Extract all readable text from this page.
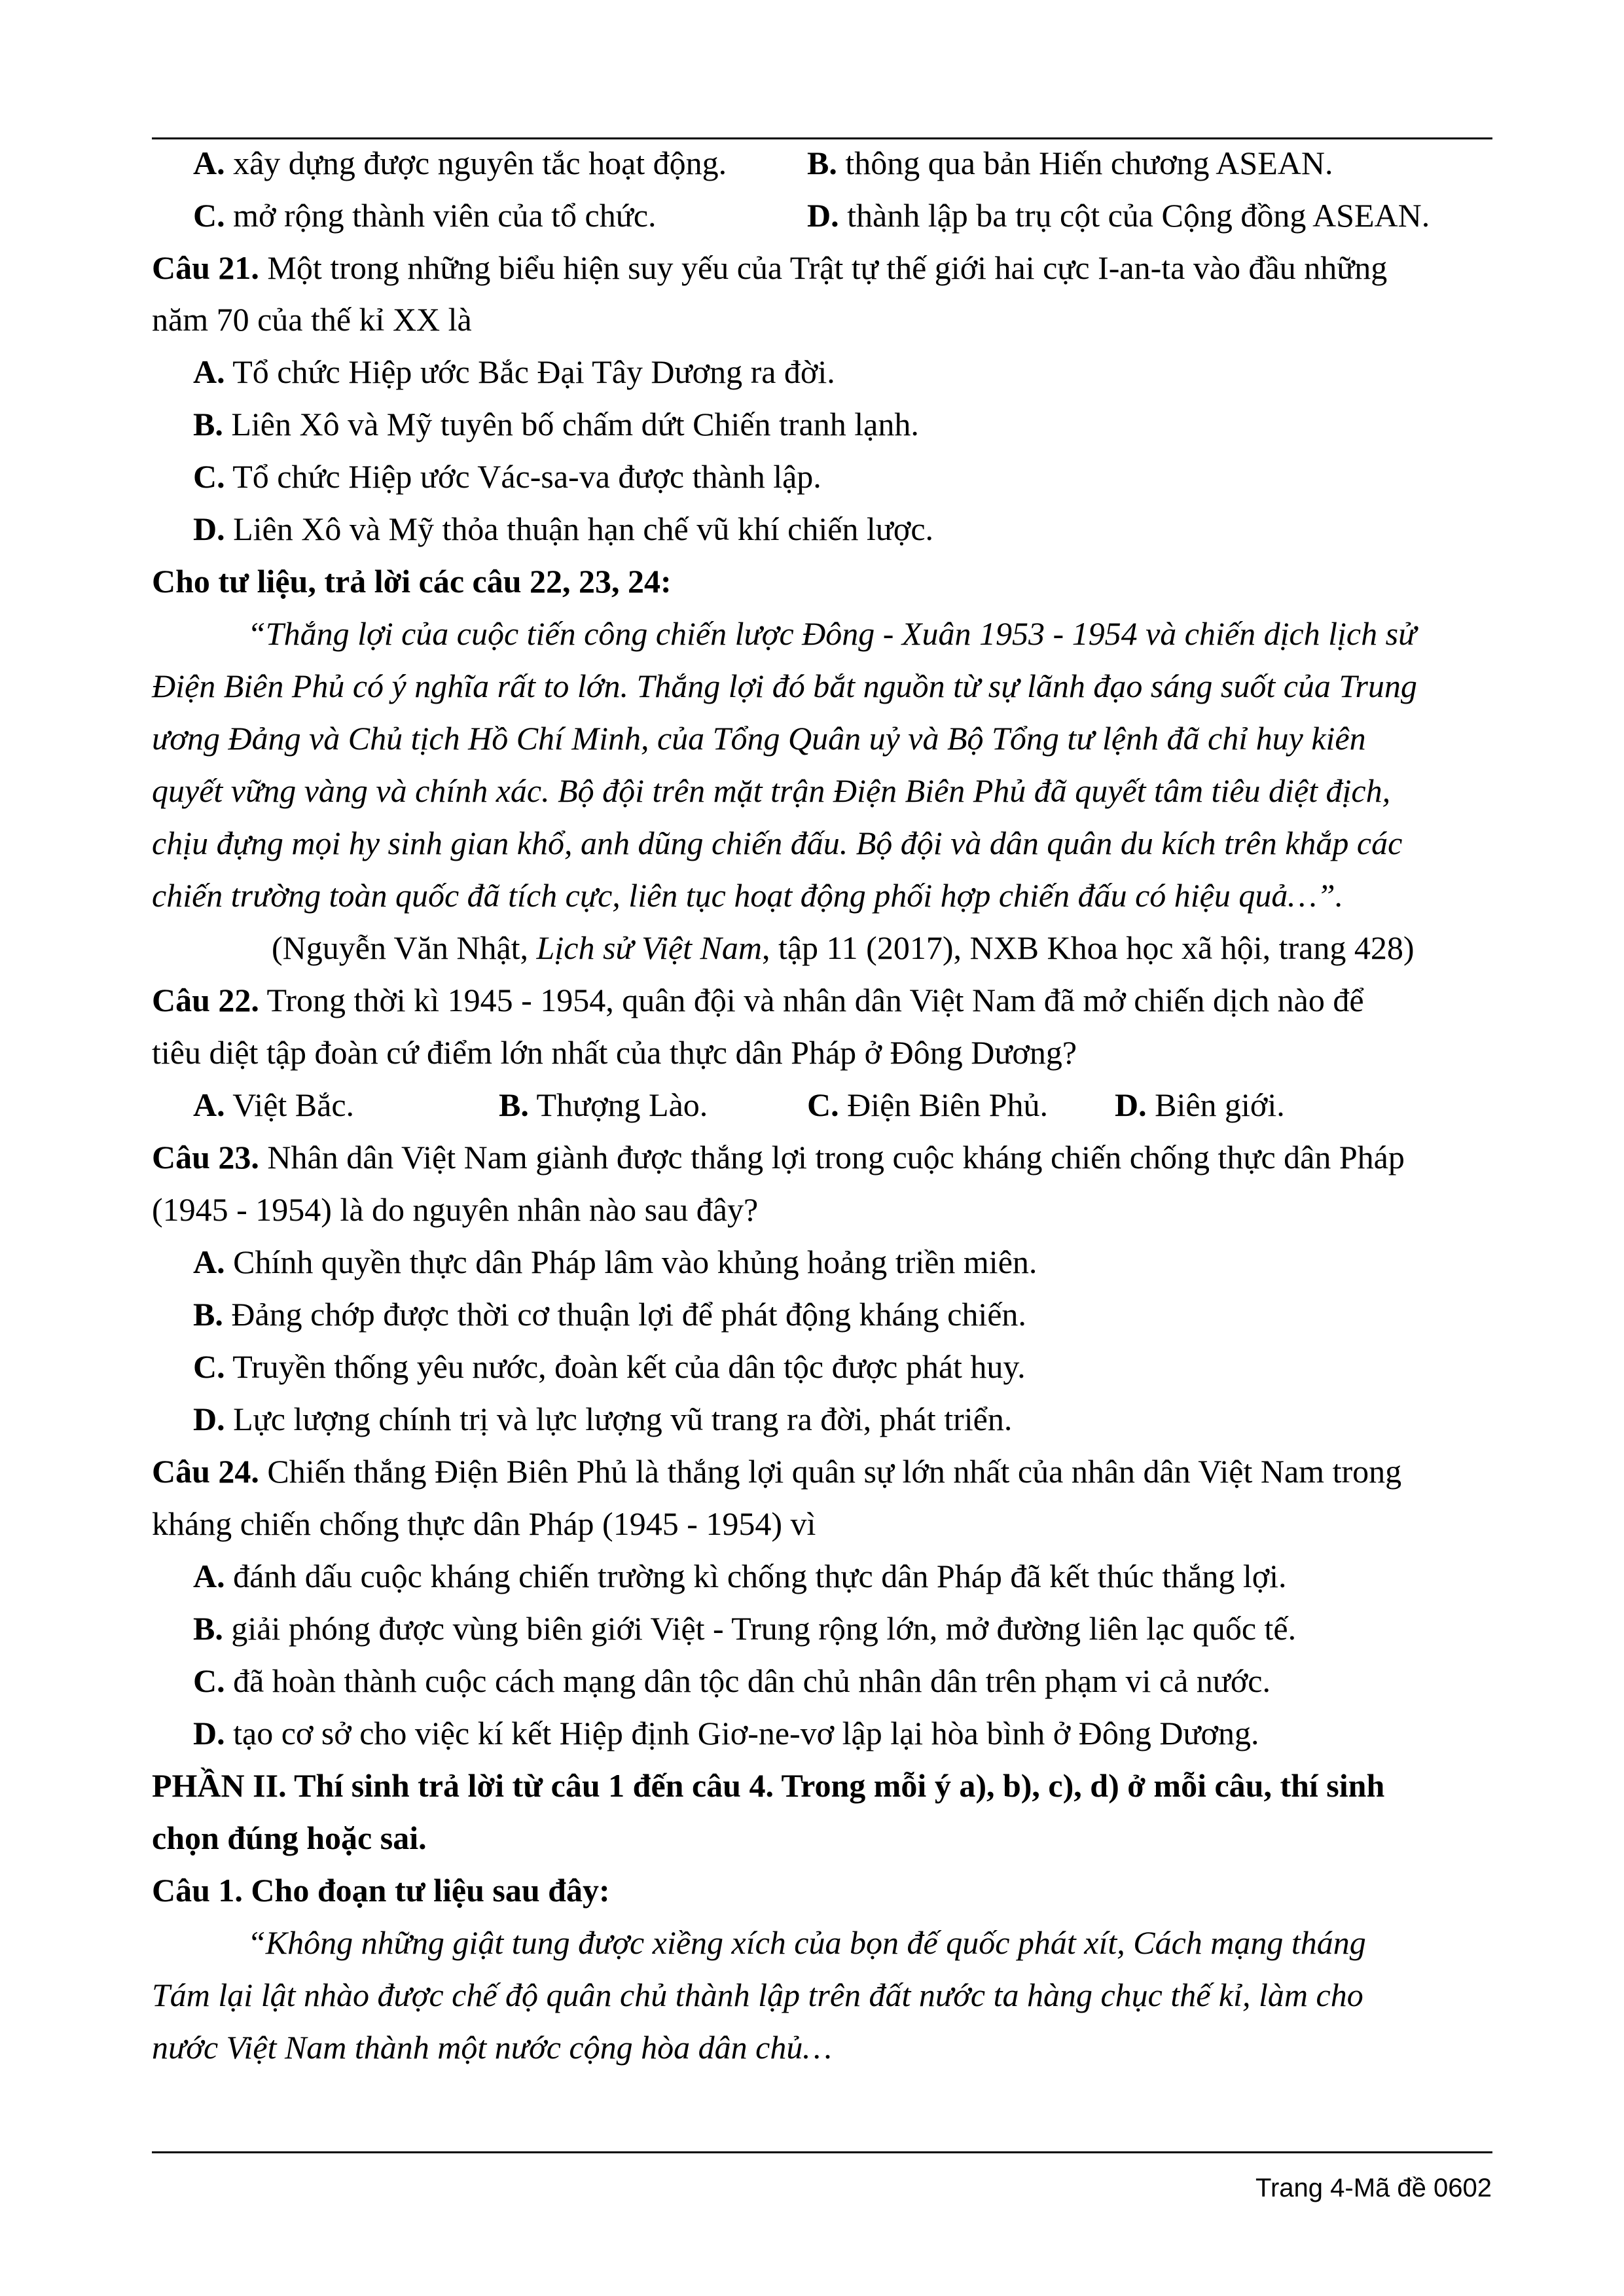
A. xây dựng được nguyên tắc hoạt động. B. thông qua bản Hiến chương ASEAN.
C. mở rộng thành viên của tổ chức.	D. thành lập ba trụ cột của Cộng đồng ASEAN.
Câu 21. Một trong những biểu hiện suy yếu của Trật tự thế giới hai cực I-an-ta vào đầu những
năm 70 của thế kỉ XX là
A. Tổ chức Hiệp ước Bắc Đại Tây Dương ra đời.
B. Liên Xô và Mỹ tuyên bố chấm dứt Chiến tranh lạnh.
C. Tổ chức Hiệp ước Vác-sa-va được thành lập.
D. Liên Xô và Mỹ thỏa thuận hạn chế vũ khí chiến lược.
Cho tư liệu, trả lời các câu 22, 23, 24:
“Thắng lợi của cuộc tiến công chiến lược Đông - Xuân 1953 - 1954 và chiến dịch lịch sử
Điện Biên Phủ có ý nghĩa rất to lớn. Thắng lợi đó bắt nguồn từ sự lãnh đạo sáng suốt của Trung
ương Đảng và Chủ tịch Hồ Chí Minh, của Tổng Quân uỷ và Bộ Tổng tư lệnh đã chỉ huy kiên
quyết vững vàng và chính xác. Bộ đội trên mặt trận Điện Biên Phủ đã quyết tâm tiêu diệt địch,
chịu đựng mọi hy sinh gian khổ, anh dũng chiến đấu. Bộ đội và dân quân du kích trên khắp các
chiến trường toàn quốc đã tích cực, liên tục hoạt động phối hợp chiến đấu có hiệu quả…”.
(Nguyễn Văn Nhật, Lịch sử Việt Nam, tập 11 (2017), NXB Khoa học xã hội, trang 428)
Câu 22. Trong thời kì 1945 - 1954, quân đội và nhân dân Việt Nam đã mở chiến dịch nào để
tiêu diệt tập đoàn cứ điểm lớn nhất của thực dân Pháp ở Đông Dương?
A. Việt Bắc.	B. Thượng Lào.	C. Điện Biên Phủ. D. Biên giới.
Câu 23. Nhân dân Việt Nam giành được thắng lợi trong cuộc kháng chiến chống thực dân Pháp
(1945 - 1954) là do nguyên nhân nào sau đây?
A. Chính quyền thực dân Pháp lâm vào khủng hoảng triền miên.
B. Đảng chớp được thời cơ thuận lợi để phát động kháng chiến.
C. Truyền thống yêu nước, đoàn kết của dân tộc được phát huy.
D. Lực lượng chính trị và lực lượng vũ trang ra đời, phát triển.
Câu 24. Chiến thắng Điện Biên Phủ là thắng lợi quân sự lớn nhất của nhân dân Việt Nam trong
kháng chiến chống thực dân Pháp (1945 - 1954) vì
A. đánh dấu cuộc kháng chiến trường kì chống thực dân Pháp đã kết thúc thắng lợi.
B. giải phóng được vùng biên giới Việt - Trung rộng lớn, mở đường liên lạc quốc tế.
C. đã hoàn thành cuộc cách mạng dân tộc dân chủ nhân dân trên phạm vi cả nước.
D. tạo cơ sở cho việc kí kết Hiệp định Giơ-ne-vơ lập lại hòa bình ở Đông Dương.
PHẦN II. Thí sinh trả lời từ câu 1 đến câu 4. Trong mỗi ý a), b), c), d) ở mỗi câu, thí sinh
chọn đúng hoặc sai.
Câu 1. Cho đoạn tư liệu sau đây:
“Không những giật tung được xiềng xích của bọn đế quốc phát xít, Cách mạng tháng
Tám lại lật nhào được chế độ quân chủ thành lập trên đất nước ta hàng chục thế kỉ, làm cho
nước Việt Nam thành một nước cộng hòa dân chủ…
Trang 4-Mã đề 0602
